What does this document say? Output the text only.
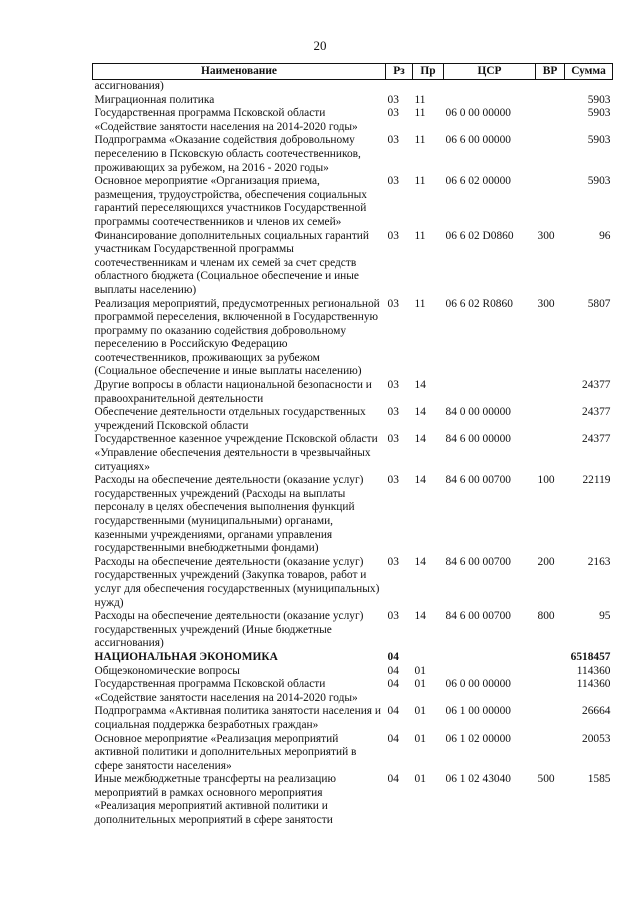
20
Наименование	Рз	Пр	ЦСР	ВР	Сумма
ассигнования)					
Миграционная политика	03	11			5903
Государственная программа Псковской области «Содействие занятости населения на 2014-2020 годы»	03	11	06 0 00 00000		5903
Подпрограмма «Оказание содействия добровольному переселению в Псковскую область соотечественников, проживающих за рубежом, на 2016 - 2020 годы»	03	11	06 6 00 00000		5903
Основное мероприятие «Организация приема, размещения, трудоустройства, обеспечения социальных гарантий переселяющихся участников Государственной программы соотечественников и членов их семей»	03	11	06 6 02 00000		5903
Финансирование дополнительных социальных гарантий участникам Государственной программы соотечественникам и членам их семей за счет средств областного бюджета (Социальное обеспечение и иные выплаты населению)	03	11	06 6 02 D0860	300	96
Реализация мероприятий, предусмотренных региональной программой переселения, включенной в Государственную программу по оказанию содействия добровольному переселению в Российскую Федерацию соотечественников, проживающих за рубежом (Социальное обеспечение и иные выплаты населению)	03	11	06 6 02 R0860	300	5807
Другие вопросы в области национальной безопасности и правоохранительной деятельности	03	14			24377
Обеспечение деятельности отдельных государственных учреждений Псковской области	03	14	84 0 00 00000		24377
Государственное казенное учреждение Псковской области «Управление обеспечения деятельности в чрезвычайных ситуациях»	03	14	84 6 00 00000		24377
Расходы на обеспечение деятельности (оказание услуг) государственных учреждений (Расходы на выплаты персоналу в целях обеспечения выполнения функций государственными (муниципальными) органами, казенными учреждениями, органами управления государственными внебюджетными фондами)	03	14	84 6 00 00700	100	22119
Расходы на обеспечение деятельности (оказание услуг) государственных учреждений (Закупка товаров, работ и услуг для обеспечения государственных (муниципальных) нужд)	03	14	84 6 00 00700	200	2163
Расходы на обеспечение деятельности (оказание услуг) государственных учреждений (Иные бюджетные ассигнования)	03	14	84 6 00 00700	800	95
НАЦИОНАЛЬНАЯ ЭКОНОМИКА	04				6518457
Общеэкономические вопросы	04	01			114360
Государственная программа Псковской области «Содействие занятости населения на 2014-2020 годы»	04	01	06 0 00 00000		114360
Подпрограмма «Активная политика занятости населения и социальная поддержка безработных граждан»	04	01	06 1 00 00000		26664
Основное мероприятие «Реализация мероприятий активной политики и дополнительных мероприятий в сфере занятости населения»	04	01	06 1 02 00000		20053
Иные межбюджетные трансферты на реализацию мероприятий в рамках основного мероприятия «Реализация мероприятий активной политики и дополнительных мероприятий в сфере занятости	04	01	06 1 02 43040	500	1585
